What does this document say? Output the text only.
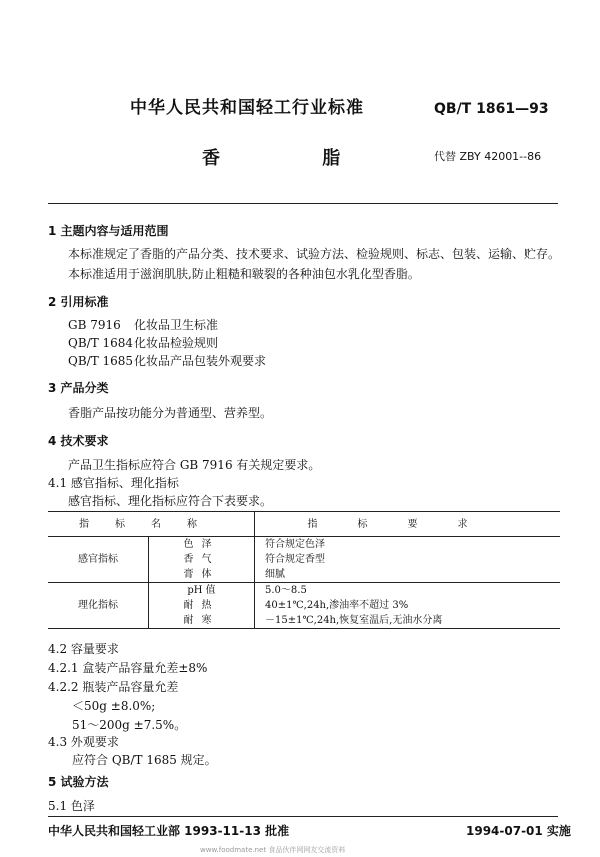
中华人民共和国轻工行业标准	QB/T 1861—93
香 脂	代替 ZBY 42001--86
1 主题内容与适用范围
本标准规定了香脂的产品分类、技术要求、试验方法、检验规则、标志、包装、运输、贮存。
本标准适用于滋润肌肤,防止粗糙和皲裂的各种油包水乳化型香脂。
2 引用标准
GB 7916 化妆品卫生标准
QB/T 1684化妆品检验规则
QB/T 1685化妆品产品包装外观要求
3 产品分类
香脂产品按功能分为普通型、营养型。
4 技术要求
产品卫生指标应符合 GB 7916 有关规定要求。
4.1 感官指标、理化指标
感官指标、理化指标应符合下表要求。
指标名称		指标要求
感官指标	色泽	符合规定色泽
	香气	符合规定香型
	膏体	细腻
理化指标	pH 值	5.0～8.5
	耐热	40±1℃,24h,渗油率不超过 3%
	耐寒	－15±1℃,24h,恢复室温后,无油水分离
4.2 容量要求
4.2.1 盒装产品容量允差±8%
4.2.2 瓶装产品容量允差
＜50g ±8.0%;
51～200g ±7.5%。
4.3 外观要求
应符合 QB/T 1685 规定。
5 试验方法
5.1 色泽
中华人民共和国轻工业部 1993-11-13 批准	1994-07-01 实施
www.foodmate.net 食品伙伴网网友交流资料
